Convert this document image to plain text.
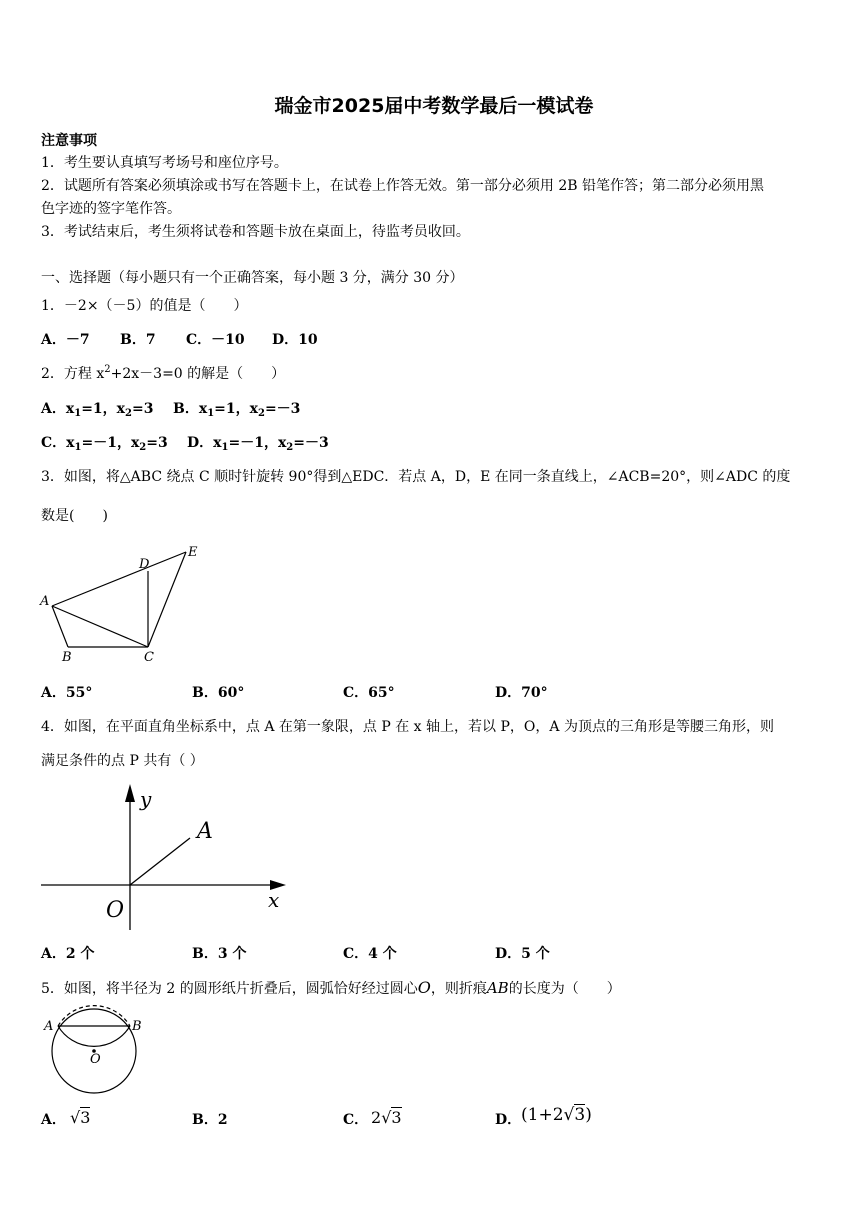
瑞金市2025届中考数学最后一模试卷
注意事项
1．考生要认真填写考场号和座位序号。
2．试题所有答案必须填涂或书写在答题卡上，在试卷上作答无效。第一部分必须用 2B 铅笔作答；第二部分必须用黑
色字迹的签字笔作答。
3．考试结束后，考生须将试卷和答题卡放在桌面上，待监考员收回。
一、选择题（每小题只有一个正确答案，每小题 3 分，满分 30 分）
1．－2×（－5）的值是（　　）
A．－7 B．7 C．－10 D．10
2．方程 $x^2+2x-3=0$ 的解是（　　）
A．$x_1=1$，$x_2=3$ B．$x_1=1$，$x_2=-3$
C．$x_1=-1$，$x_2=3$ D．$x_1=-1$，$x_2=-3$
3．如图，将△ABC 绕点 C 顺时针旋转 90°得到△EDC．若点 A，D，E 在同一条直线上，∠ACB=20°，则∠ADC 的度
数是(　　)
A
B	C
D
E
A．55°	B．60°	C．65°	D．70°
4．如图，在平面直角坐标系中，点 A 在第一象限，点 P 在 x 轴上，若以 P，O，A 为顶点的三角形是等腰三角形，则
满足条件的点 P 共有（ ）
y
x
O
A
A．2 个	B．3 个	C．4 个	D．5 个
5．如图，将半径为 2 的圆形纸片折叠后，圆弧恰好经过圆心O，则折痕AB的长度为（　　）
A	B
O
A． √3	B．2	C． 2√3	D． (1+2√3)
